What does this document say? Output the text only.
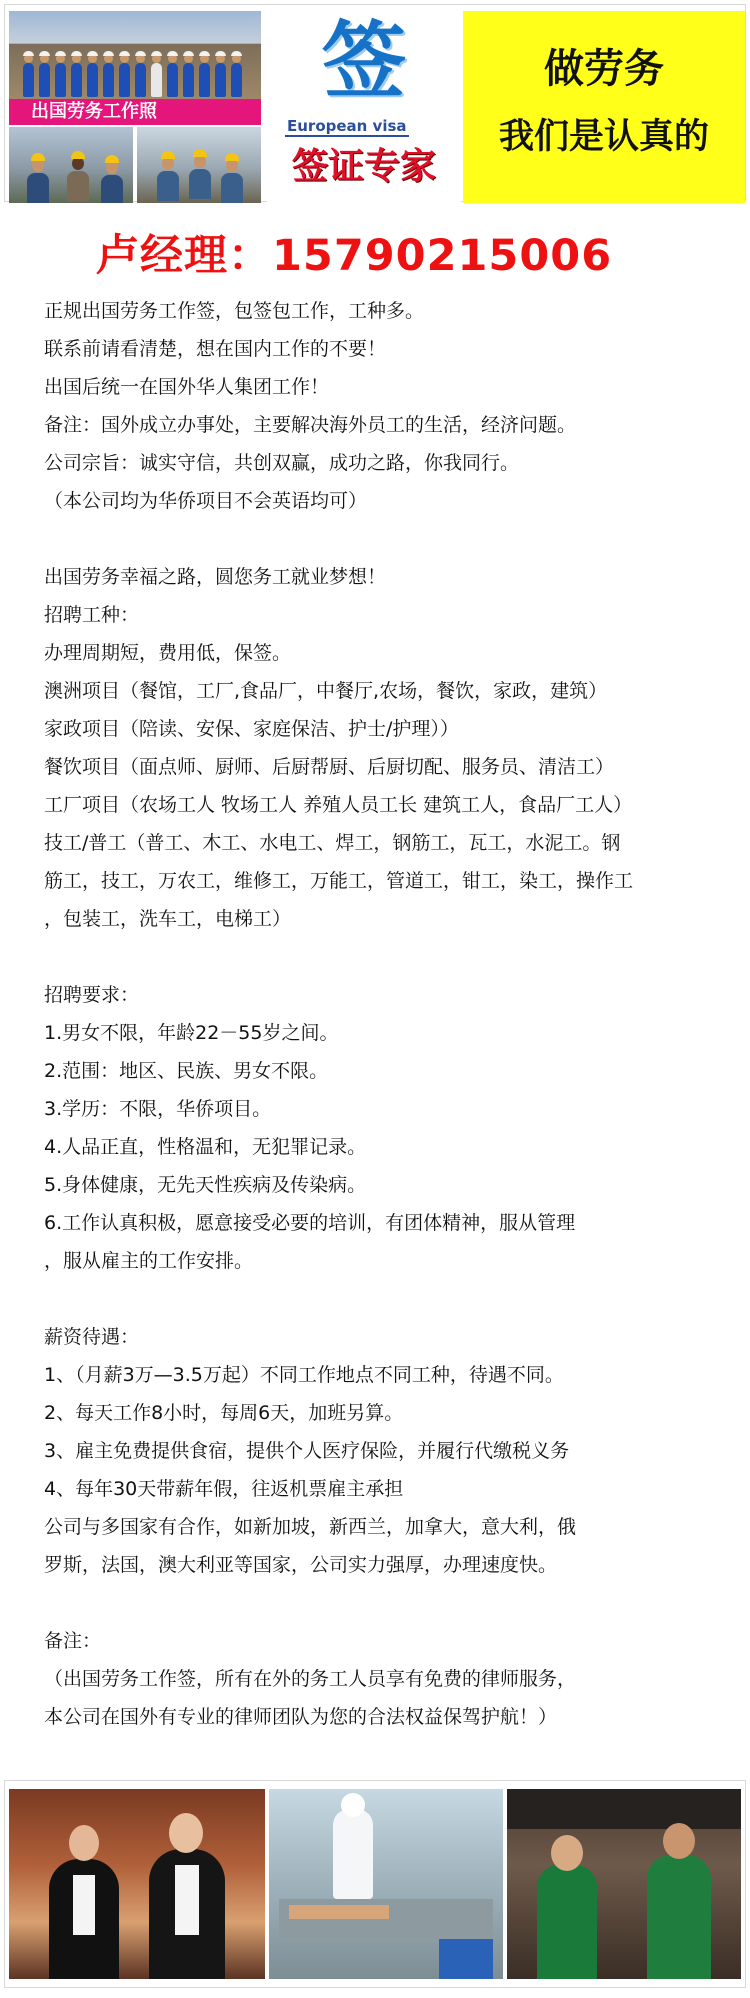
出国劳务工作照
签
European visa
签证专家
做劳务
我们是认真的
卢经理：15790215006
正规出国劳务工作签，包签包工作，工种多。
联系前请看清楚，想在国内工作的不要！
出国后统一在国外华人集团工作！
备注：国外成立办事处，主要解决海外员工的生活，经济问题。
公司宗旨：诚实守信，共创双赢，成功之路，你我同行。
（本公司均为华侨项目不会英语均可）
出国劳务幸福之路，圆您务工就业梦想！
招聘工种：
办理周期短，费用低，保签。
澳洲项目（餐馆，工厂,食品厂，中餐厅,农场，餐饮，家政，建筑）
家政项目（陪读、安保、家庭保洁、护士/护理））
餐饮项目（面点师、厨师、后厨帮厨、后厨切配、服务员、清洁工）
工厂项目（农场工人 牧场工人 养殖人员工长 建筑工人，食品厂工人）
技工/普工（普工、木工、水电工、焊工，钢筋工，瓦工，水泥工。钢
筋工，技工，万农工，维修工，万能工，管道工，钳工，染工，操作工
，包装工，洗车工，电梯工）
招聘要求：
1.男女不限，年龄22－55岁之间。
2.范围：地区、民族、男女不限。
3.学历：不限，华侨项目。
4.人品正直，性格温和，无犯罪记录。
5.身体健康，无先天性疾病及传染病。
6.工作认真积极，愿意接受必要的培训，有团体精神，服从管理
，服从雇主的工作安排。
薪资待遇：
1、（月薪3万—3.5万起）不同工作地点不同工种，待遇不同。
2、每天工作8小时，每周6天，加班另算。
3、雇主免费提供食宿，提供个人医疗保险，并履行代缴税义务
4、每年30天带薪年假，往返机票雇主承担
公司与多国家有合作，如新加坡，新西兰，加拿大，意大利，俄
罗斯，法国，澳大利亚等国家，公司实力强厚，办理速度快。
备注：
（出国劳务工作签，所有在外的务工人员享有免费的律师服务，
本公司在国外有专业的律师团队为您的合法权益保驾护航！）
